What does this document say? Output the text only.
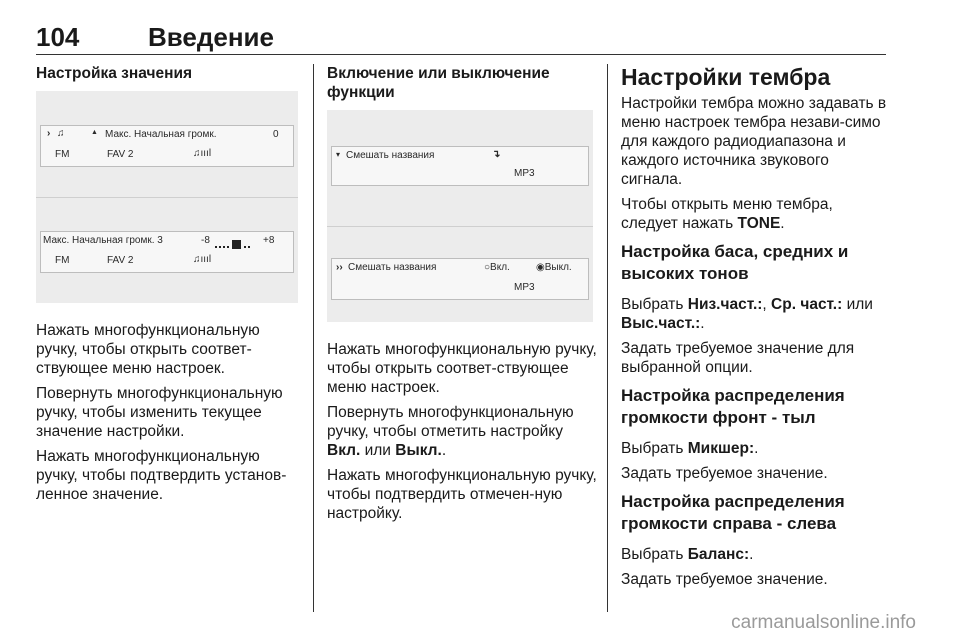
104	Введение

Настройка значения

› ♫	▲ Макс. Начальная громк.	0
FM	FAV 2	♫ıııl
Макс. Начальная громк. 3	-8	+8
FM	FAV 2	♫ıııl

Нажать многофункциональную ручку, чтобы открыть соответ-ствующее меню настроек.

Повернуть многофункциональную ручку, чтобы изменить текущее значение настройки.

Нажать многофункциональную ручку, чтобы подтвердить установ-ленное значение.

Включение или выключение функции

▾ Смешать названия	↴
MP3
›› Смешать названия	○Вкл.	◉Выкл.
MP3

Нажать многофункциональную ручку, чтобы открыть соответ-ствующее меню настроек.

Повернуть многофункциональную ручку, чтобы отметить настройку Вкл. или Выкл..

Нажать многофункциональную ручку, чтобы подтвердить отмечен-ную настройку.

Настройки тембра

Настройки тембра можно задавать в меню настроек тембра незави-симо для каждого радиодиапазона и каждого источника звукового сигнала.

Чтобы открыть меню тембра, следует нажать TONE.

Настройка баса, средних и высоких тонов

Выбрать Низ.част.:, Ср. част.: или Выс.част.:.

Задать требуемое значение для выбранной опции.

Настройка распределения громкости фронт - тыл

Выбрать Микшер:.

Задать требуемое значение.

Настройка распределения громкости справа - слева

Выбрать Баланс:.

Задать требуемое значение.

carmanualsonline.info
